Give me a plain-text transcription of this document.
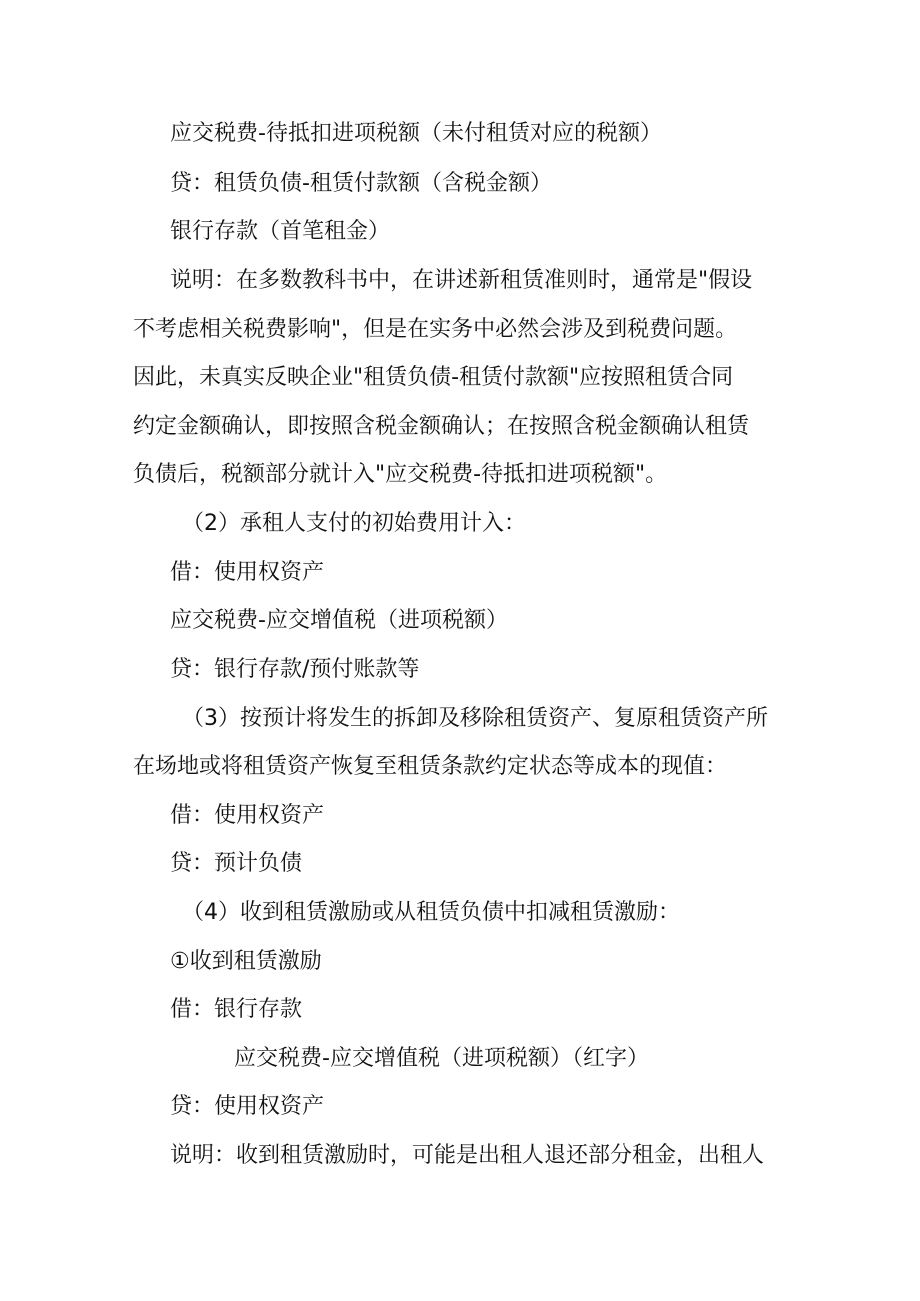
应交税费-待抵扣进项税额（未付租赁对应的税额）
贷：租赁负债-租赁付款额（含税金额）
银行存款（首笔租金）
说明：在多数教科书中，在讲述新租赁准则时，通常是"假设
不考虑相关税费影响"，但是在实务中必然会涉及到税费问题。
因此，未真实反映企业"租赁负债-租赁付款额"应按照租赁合同
约定金额确认，即按照含税金额确认；在按照含税金额确认租赁
负债后，税额部分就计入"应交税费-待抵扣进项税额"。
（2）承租人支付的初始费用计入：
借：使用权资产
应交税费-应交增值税（进项税额）
贷：银行存款/预付账款等
（3）按预计将发生的拆卸及移除租赁资产、复原租赁资产所
在场地或将租赁资产恢复至租赁条款约定状态等成本的现值：
借：使用权资产
贷：预计负债
（4）收到租赁激励或从租赁负债中扣减租赁激励：
①收到租赁激励
借：银行存款
应交税费-应交增值税（进项税额）（红字）
贷：使用权资产
说明：收到租赁激励时，可能是出租人退还部分租金，出租人
